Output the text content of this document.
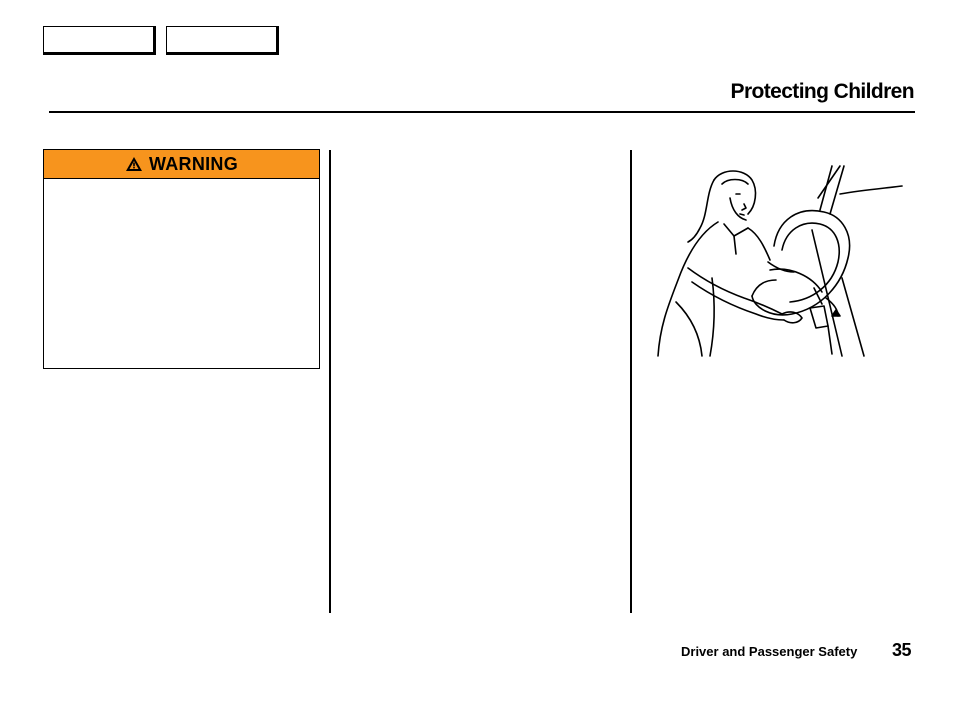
Protecting Children
WARNING
Driver and Passenger Safety 35
